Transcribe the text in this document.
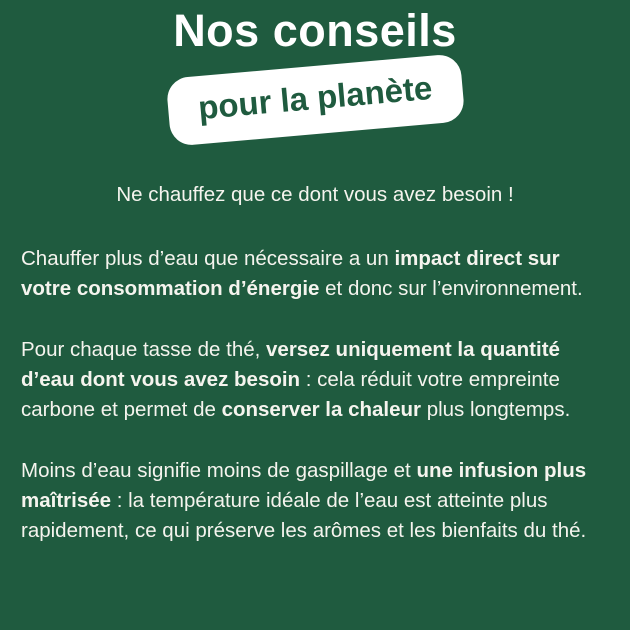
Nos conseils
pour la planète

Ne chauffez que ce dont vous avez besoin !

Chauffer plus d’eau que nécessaire a un impact direct sur votre consommation d’énergie et donc sur l’environnement.

Pour chaque tasse de thé, versez uniquement la quantité d’eau dont vous avez besoin : cela réduit votre empreinte carbone et permet de conserver la chaleur plus longtemps.

Moins d’eau signifie moins de gaspillage et une infusion plus maîtrisée : la température idéale de l’eau est atteinte plus rapidement, ce qui préserve les arômes et les bienfaits du thé.
